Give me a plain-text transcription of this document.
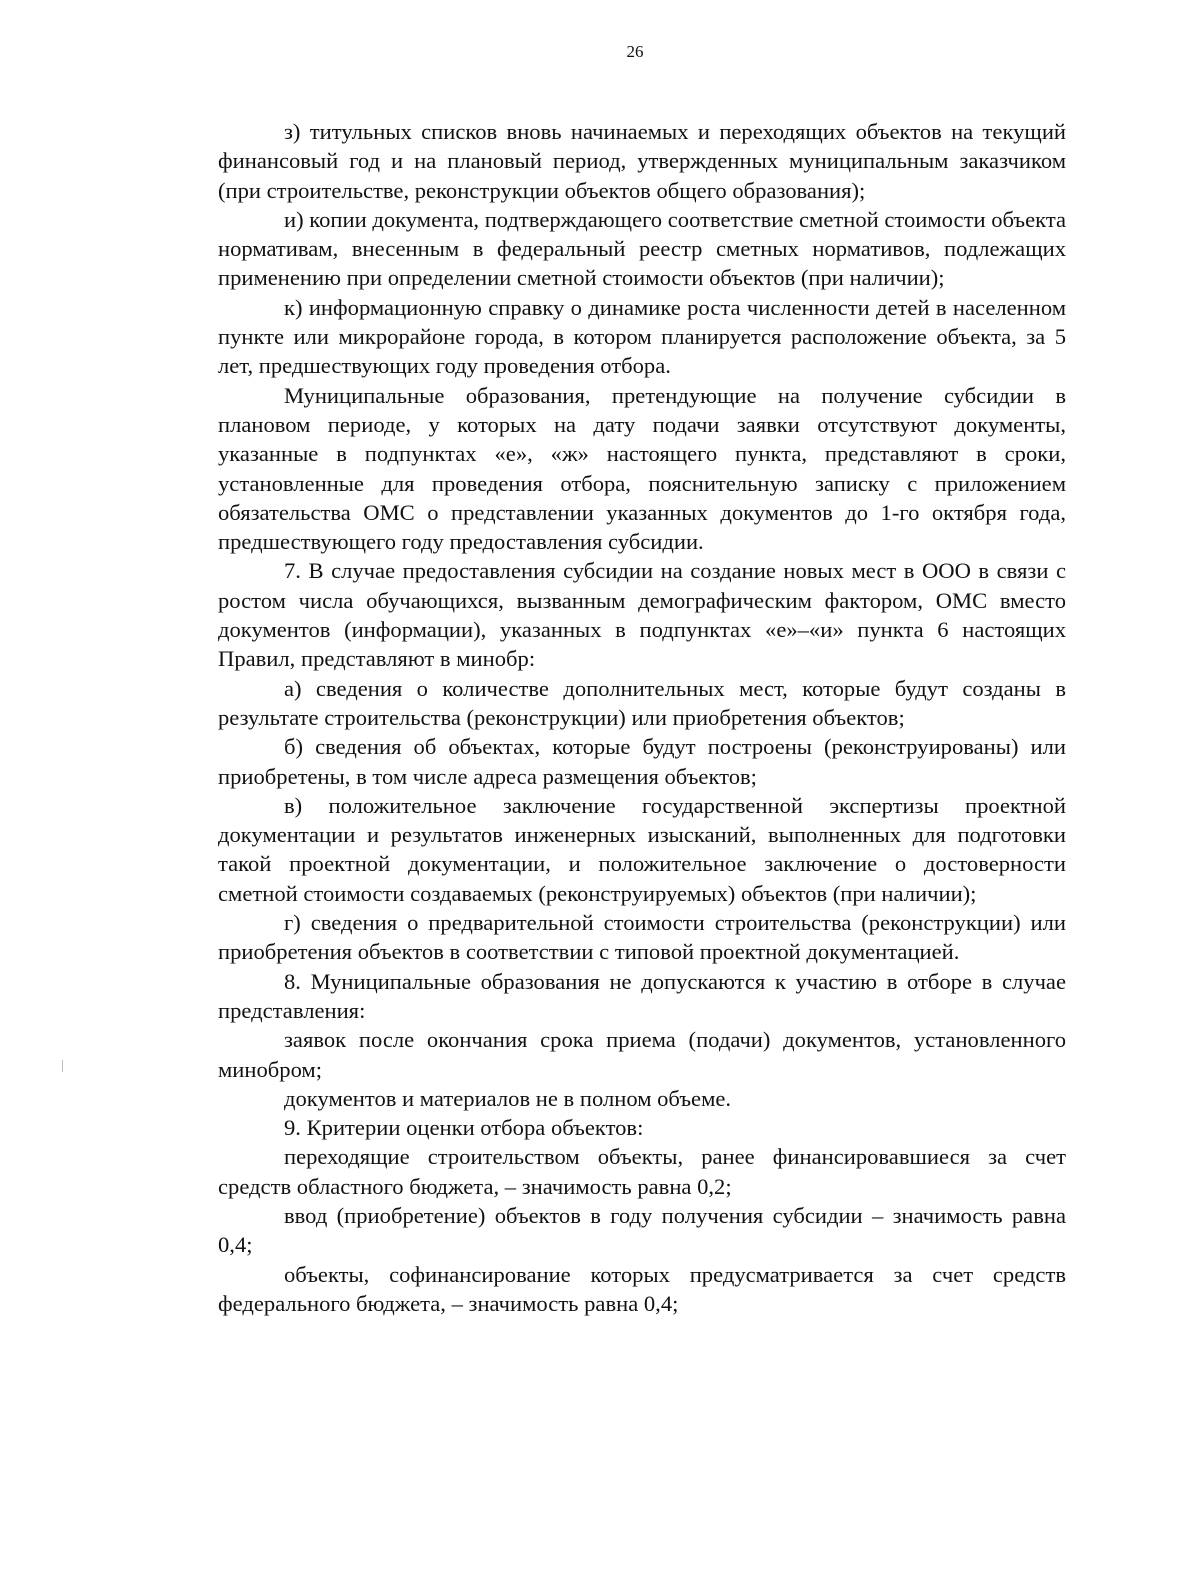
26

з) титульных списков вновь начинаемых и переходящих объектов на текущий финансовый год и на плановый период, утвержденных муниципальным заказчиком (при строительстве, реконструкции объектов общего образования);

и) копии документа, подтверждающего соответствие сметной стоимости объекта нормативам, внесенным в федеральный реестр сметных нормативов, подлежащих применению при определении сметной стоимости объектов (при наличии);

к) информационную справку о динамике роста численности детей в населенном пункте или микрорайоне города, в котором планируется расположение объекта, за 5 лет, предшествующих году проведения отбора.

Муниципальные образования, претендующие на получение субсидии в плановом периоде, у которых на дату подачи заявки отсутствуют документы, указанные в подпунктах «е», «ж» настоящего пункта, представляют в сроки, установленные для проведения отбора, пояснительную записку с приложением обязательства ОМС о представлении указанных документов до 1-го октября года, предшествующего году предоставления субсидии.

7. В случае предоставления субсидии на создание новых мест в ООО в связи с ростом числа обучающихся, вызванным демографическим фактором, ОМС вместо документов (информации), указанных в подпунктах «е»–«и» пункта 6 настоящих Правил, представляют в минобр:

а) сведения о количестве дополнительных мест, которые будут созданы в результате строительства (реконструкции) или приобретения объектов;

б) сведения об объектах, которые будут построены (реконструированы) или приобретены, в том числе адреса размещения объектов;

в) положительное заключение государственной экспертизы проектной документации и результатов инженерных изысканий, выполненных для подготовки такой проектной документации, и положительное заключение о достоверности сметной стоимости создаваемых (реконструируемых) объектов (при наличии);

г) сведения о предварительной стоимости строительства (реконструкции) или приобретения объектов в соответствии с типовой проектной документацией.

8. Муниципальные образования не допускаются к участию в отборе в случае представления:

заявок после окончания срока приема (подачи) документов, установленного минобром;

документов и материалов не в полном объеме.

9. Критерии оценки отбора объектов:

переходящие строительством объекты, ранее финансировавшиеся за счет средств областного бюджета, – значимость равна 0,2;

ввод (приобретение) объектов в году получения субсидии – значимость равна 0,4;

объекты, софинансирование которых предусматривается за счет средств федерального бюджета, – значимость равна 0,4;
